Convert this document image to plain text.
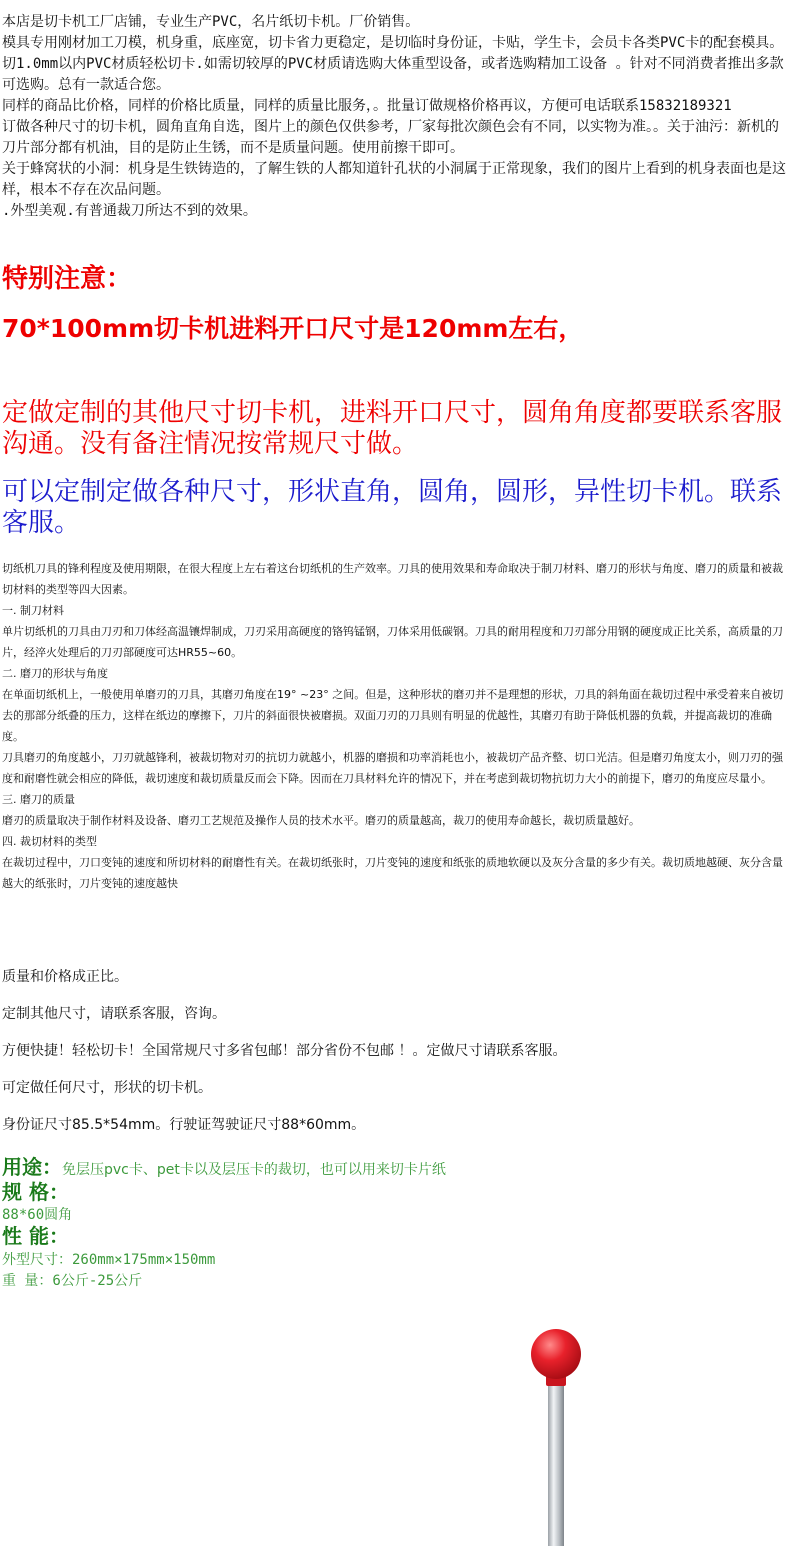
本店是切卡机工厂店铺，专业生产PVC，名片纸切卡机。厂价销售。

模具专用刚材加工刀模，机身重，底座宽，切卡省力更稳定，是切临时身份证，卡贴，学生卡，会员卡各类PVC卡的配套模具。切1.0mm以内PVC材质轻松切卡.如需切较厚的PVC材质请选购大体重型设备，或者选购精加工设备 。针对不同消费者推出多款可选购。总有一款适合您。

同样的商品比价格，同样的价格比质量，同样的质量比服务，。批量订做规格价格再议，方便可电话联系15832189321

订做各种尺寸的切卡机，圆角直角自选，图片上的颜色仅供参考，厂家每批次颜色会有不同，以实物为准。。关于油污：新机的刀片部分都有机油，目的是防止生锈，而不是质量问题。使用前擦干即可。

关于蜂窝状的小洞：机身是生铁铸造的，了解生铁的人都知道针孔状的小洞属于正常现象，我们的图片上看到的机身表面也是这样，根本不存在次品问题。

.外型美观.有普通裁刀所达不到的效果。

特别注意：

70*100mm切卡机进料开口尺寸是120mm左右，

定做定制的其他尺寸切卡机，进料开口尺寸，圆角角度都要联系客服沟通。没有备注情况按常规尺寸做。

可以定制定做各种尺寸，形状直角，圆角，圆形，异性切卡机。联系客服。

切纸机刀具的锋利程度及使用期限，在很大程度上左右着这台切纸机的生产效率。刀具的使用效果和寿命取决于制刀材料、磨刀的形状与角度、磨刀的质量和被裁切材料的类型等四大因素。

一. 制刀材料

单片切纸机的刀具由刀刃和刀体经高温镶焊制成，刀刃采用高硬度的铬钨锰钢，刀体采用低碳钢。刀具的耐用程度和刀刃部分用钢的硬度成正比关系，高质量的刀片，经淬火处理后的刀刃部硬度可达HR55~60。

二. 磨刀的形状与角度

在单面切纸机上，一般使用单磨刃的刀具，其磨刃角度在19° ~23° 之间。但是，这种形状的磨刃并不是理想的形状，刀具的斜角面在裁切过程中承受着来自被切去的那部分纸叠的压力，这样在纸边的摩擦下，刀片的斜面很快被磨损。双面刀刃的刀具则有明显的优越性，其磨刃有助于降低机器的负载，并提高裁切的准确度。

刀具磨刃的角度越小，刀刃就越锋利，被裁切物对刃的抗切力就越小，机器的磨损和功率消耗也小，被裁切产品齐整、切口光洁。但是磨刃角度太小，则刀刃的强度和耐磨性就会相应的降低，裁切速度和裁切质量反而会下降。因而在刀具材料允许的情况下，并在考虑到裁切物抗切力大小的前提下，磨刃的角度应尽量小。

三. 磨刀的质量

磨刃的质量取决于制作材料及设备、磨刃工艺规范及操作人员的技术水平。磨刃的质量越高，裁刀的使用寿命越长，裁切质量越好。

四. 裁切材料的类型

在裁切过程中，刀口变钝的速度和所切材料的耐磨性有关。在裁切纸张时，刀片变钝的速度和纸张的质地软硬以及灰分含量的多少有关。裁切质地越硬、灰分含量越大的纸张时，刀片变钝的速度越快

质量和价格成正比。

定制其他尺寸，请联系客服，咨询。

方便快捷！轻松切卡！全国常规尺寸多省包邮！部分省份不包邮 ！。定做尺寸请联系客服。

可定做任何尺寸，形状的切卡机。

身份证尺寸85.5*54mm。行驶证驾驶证尺寸88*60mm。

用途：免层压pvc卡、pet卡以及层压卡的裁切，也可以用来切卡片纸

规 格：

88*60圆角

性 能：

外型尺寸：260mm×175mm×150mm

重 量：6公斤-25公斤
